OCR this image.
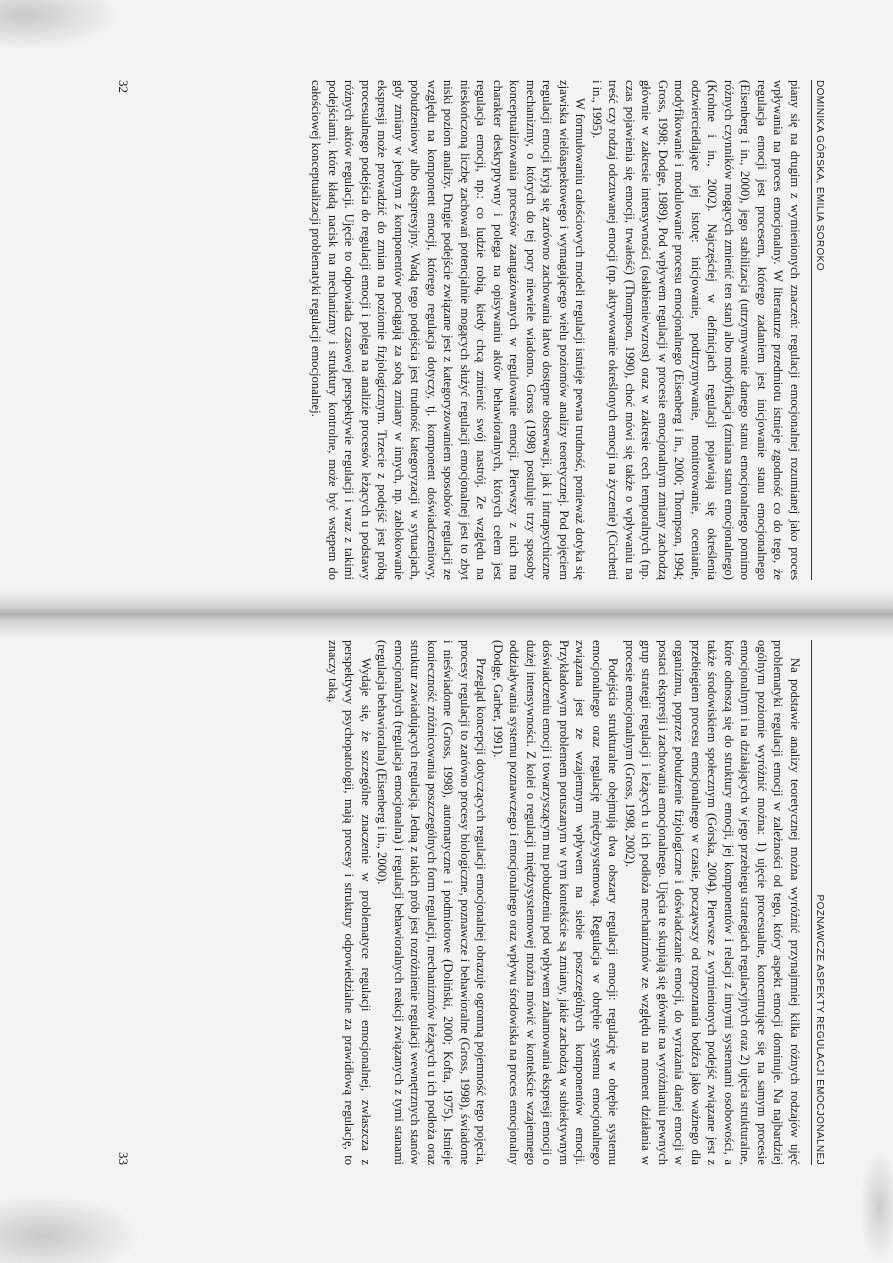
DOMINIKA GÓRSKA, EMILIA SOROKO

piany się na drugim z wymienionych znaczeń: regulacji emocjonalnej rozumianej jako proces wpływania na proces emocjonalny. W literaturze przedmiotu istnieje zgodność co do tego, że regulacja emocji jest procesem, którego zadaniem jest inicjowanie stanu emocjonalnego (Eisenberg i in., 2000), jego stabilizacja (utrzymywanie danego stanu emocjonalnego pomimo różnych czynników mogących zmienić ten stan) albo modyfikacja (zmiana stanu emocjonalnego) (Krohne i in., 2002). Najczęściej w definicjach regulacji pojawiają się określenia odzwierciedlające jej istotę: inicjowanie, podtrzymywanie, monitorowanie, ocenianie, modyfikowanie i modulowanie procesu emocjonalnego (Eisenberg i in., 2000; Thompson, 1994; Gross, 1998; Dodge, 1989). Pod wpływem regulacji w procesie emocjonalnym zmiany zachodzą głównie w zakresie intensywności (osłabienie/wzrost) oraz w zakresie cech temporalnych (np. czas pojawienia się emocji, trwałość) (Thompson, 1990), choć mówi się także o wpływaniu na treść czy rodzaj odczuwanej emocji (np. aktywowanie określonych emocji na życzenie) (Cicchetti i in., 1995).

W formułowaniu całościowych modeli regulacji istnieje pewna trudność, ponieważ dotyka się zjawiska wielöaspektowego i wymagającego wielu poziomów analizy teoretycznej. Pod pojęciem regulacji emocji kryją się zarówno zachowania łatwo dostępne obserwacji, jak i intrapsychiczne mechanizmy, o których do tej pory niewiele wiadomo. Gross (1998) postuluje trzy sposoby konceptualizowania procesów zaangażowanych w regulowanie emocji. Pierwszy z nich ma charakter deskryptywny i polega na opisywaniu aktów behawioralnych, których celem jest regulacja emocji, np.: co ludzie robią, kiedy chcą zmienić swój nastrój. Ze względu na nieskończoną liczbę zachowań potencjalnie mogących służyć regulacji emocjonalnej jest to zbyt niski poziom analizy. Drugie podejście związane jest z kategoryzowaniem sposobów regulacji ze względu na komponent emocji, którego regulacja dotyczy, tj. komponent doświadczeniowy, pobudzeniowy albo ekspresyjny. Wadą tego podejścia jest trudność kategoryzacji w sytuacjach, gdy zmiany w jednym z komponentów pociągają za sobą zmiany w innych, np. zablokowanie ekspresji może prowadzić do zmian na poziomie fizjologicznym. Trzecie z podejść jest próbą procesualnego podejścia do regulacji emocji i polega na analizie procesów leżących u podstawy różnych aktów regulacji. Ujęcie to odpowiada czasowej perspektywie regulacji i wraz z takimi podejściami, które kładą nacisk na mechanizmy i struktury kontrolne, może być wstępem do całościowej konceptualizacji problematyki regulacji emocjonalnej.

32
POZNAWCZE ASPEKTY REGULACJI EMOCJONALNEJ

Na podstawie analizy teoretycznej można wyróżnić przynajmniej kilka różnych rodzajów ujęć problematyki regulacji emocji w zależności od tego, który aspekt emocji dominuje. Na najbardziej ogólnym poziomie wyróżnić można: 1) ujęcie procesualne, koncentrujące się na samym procesie emocjonalnym i na działających w jego przebiegu strategiach regulacyjnych oraz 2) ujęcia strukturalne, które odnoszą się do struktury emocji, jej komponentów i relacji z innymi systemami osobowości, a także środowiskiem społecznym (Górska, 2004). Pierwsze z wymienionych podejść związane jest z przebiegiem procesu emocjonalnego w czasie, począwszy od rozpoznania bodźca jako ważnego dla organizmu, poprzez pobudzenie fizjologiczne i doświadczanie emocji, do wyrażania danej emocji w postaci ekspresji i zachowania emocjonalnego. Ujęcia te skupiają się głównie na wyróżnianiu pewnych grup strategii regulacji i leżących u ich podłoża mechanizmów ze względu na moment działania w procesie emocjonalnym (Gross, 1998, 2002).

Podejścia strukturalne obejmują dwa obszary regulacji emocji: regulację w obrębie systemu emocjonalnego oraz regulację międzysystemową. Regulacja w obrębie systemu emocjonalnego związana jest ze wzajemnym wpływem na siebie poszczególnych komponentów emocji. Przykładowym problemem poruszanym w tym kontekście są zmiany, jakie zachodzą w subiektywnym doświadczeniu emocji i towarzyszącym mu pobudzeniu pod wpływem zahamowania ekspresji emocji o dużej intensywności. Z kolei o regulacji międzysystemowej można mówić w kontekście wzajemnego oddziaływania systemu poznawczego i emocjonalnego oraz wpływu środowiska na proces emocjonalny (Dodge, Garber, 1991).

Przegląd koncepcji dotyczących regulacji emocjonalnej obrazuje ogromną pojemność tego pojęcia, procesy regulacji to zarówno procesy biologiczne, poznawcze i behawioralne (Gross, 1998), świadome i nieświadome (Gross, 1998), automatyczne i podmiotowe (Doliński, 2000; Kofta, 1975). Istnieje konieczność zróżnicowania poszczególnych form regulacji, mechanizmów leżących u ich podłoża oraz struktur zawiadujących regulacją. Jedną z takich prób jest rozróżnienie regulacji wewnętrznych stanów emocjonalnych (regulacja emocjonalna) i regulacji behawioralnych reakcji związanych z tymi stanami (regulacja behawioralna) (Eisenberg i in., 2000).

Wydaje się, że szczególne znaczenie w problematyce regulacji emocjonalnej, zwłaszcza z perspektywy psychopatologii, mają procesy i struktury odpowiedzialne za prawidłową regulację, to znaczy taką,

33
